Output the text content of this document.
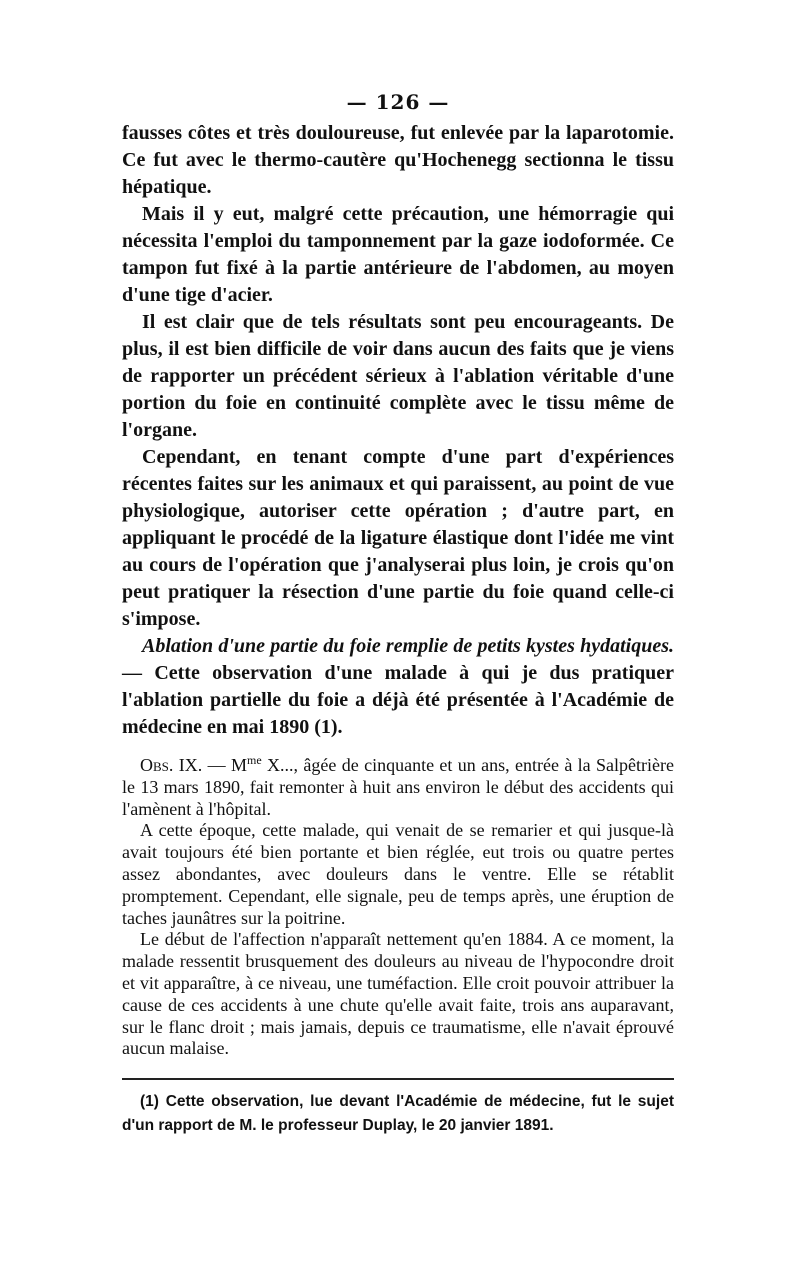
— 126 —

fausses côtes et très douloureuse, fut enlevée par la laparotomie. Ce fut avec le thermo-cautère qu'Hochenegg sectionna le tissu hépatique.

Mais il y eut, malgré cette précaution, une hémorragie qui nécessita l'emploi du tamponnement par la gaze iodoformée. Ce tampon fut fixé à la partie antérieure de l'abdomen, au moyen d'une tige d'acier.

Il est clair que de tels résultats sont peu encourageants. De plus, il est bien difficile de voir dans aucun des faits que je viens de rapporter un précédent sérieux à l'ablation véritable d'une portion du foie en continuité complète avec le tissu même de l'organe.

Cependant, en tenant compte d'une part d'expériences récentes faites sur les animaux et qui paraissent, au point de vue physiologique, autoriser cette opération ; d'autre part, en appliquant le procédé de la ligature élastique dont l'idée me vint au cours de l'opération que j'analyserai plus loin, je crois qu'on peut pratiquer la résection d'une partie du foie quand celle-ci s'impose.

Ablation d'une partie du foie remplie de petits kystes hydatiques. — Cette observation d'une malade à qui je dus pratiquer l'ablation partielle du foie a déjà été présentée à l'Académie de médecine en mai 1890 (1).

Obs. IX. — $M^{me}$ X..., âgée de cinquante et un ans, entrée à la Salpêtrière le 13 mars 1890, fait remonter à huit ans environ le début des accidents qui l'amènent à l'hôpital.

A cette époque, cette malade, qui venait de se remarier et qui jusque-là avait toujours été bien portante et bien réglée, eut trois ou quatre pertes assez abondantes, avec douleurs dans le ventre. Elle se rétablit promptement. Cependant, elle signale, peu de temps après, une éruption de taches jaunâtres sur la poitrine.

Le début de l'affection n'apparaît nettement qu'en 1884. A ce moment, la malade ressentit brusquement des douleurs au niveau de l'hypocondre droit et vit apparaître, à ce niveau, une tuméfaction. Elle croit pouvoir attribuer la cause de ces accidents à une chute qu'elle avait faite, trois ans auparavant, sur le flanc droit ; mais jamais, depuis ce traumatisme, elle n'avait éprouvé aucun malaise.

(1) Cette observation, lue devant l'Académie de médecine, fut le sujet d'un rapport de M. le professeur Duplay, le 20 janvier 1891.
